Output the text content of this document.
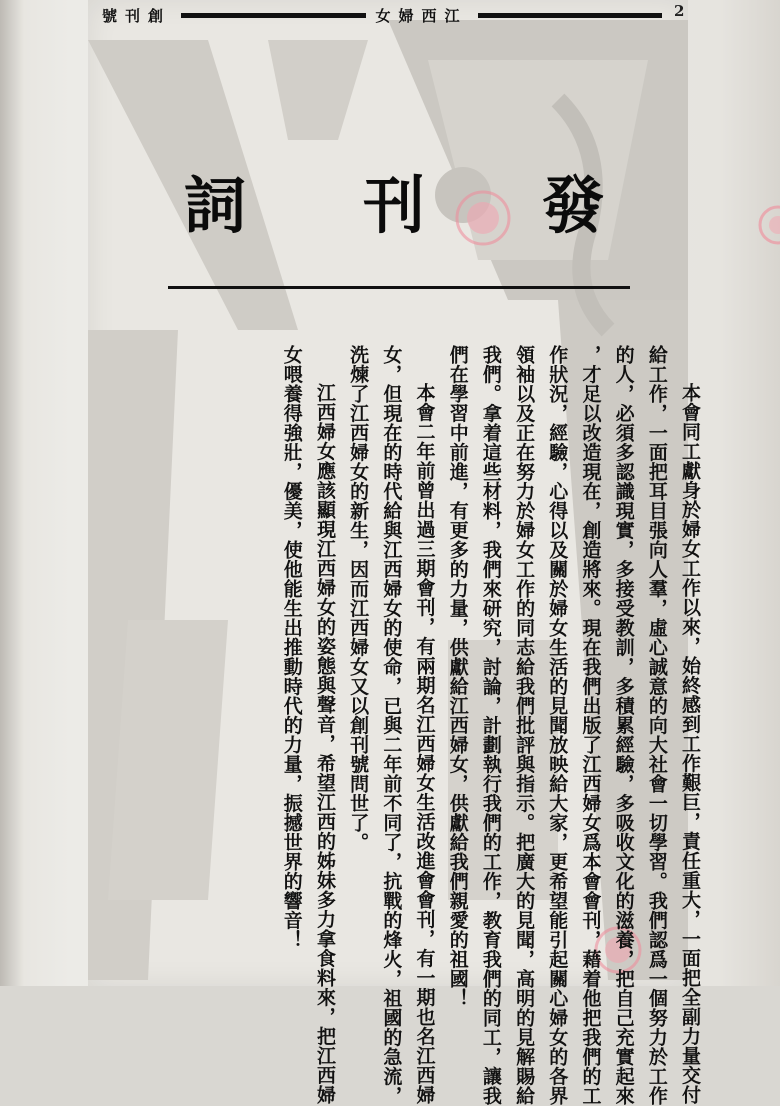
號刊創	女婦西江
詞 刊 發
本會同工獻身於婦女工作以來，始終感到工作艱巨，責任重大，一面把全副力量交付
給工作，一面把耳目張向人羣，虛心誠意的向大社會一切學習。我們認爲一個努力於工作
的人，必須多認識現實，多接受教訓，多積累經驗，多吸收文化的滋養，把自己充實起來
，才足以改造現在，創造將來。現在我們出版了江西婦女爲本會會刊，藉着他把我們的工
作狀況，經驗，心得以及關於婦女生活的見聞放映給大家，更希望能引起關心婦女的各界
領袖以及正在努力於婦女工作的同志給我們批評與指示。把廣大的見聞，高明的見解賜給
我們。拿着這些材料，我們來研究，討論，計劃執行我們的工作，教育我們的同工，讓我
們在學習中前進，有更多的力量，供獻給江西婦女，供獻給我們親愛的祖國！
本會二年前曾出過三期會刊，有兩期名江西婦女生活改進會會刊，有一期也名江西婦
女，但現在的時代給與江西婦女的使命，已與二年前不同了，抗戰的烽火，祖國的急流，
洗煉了江西婦女的新生，因而江西婦女又以創刊號問世了。
江西婦女應該顯現江西婦女的姿態與聲音，希望江西的姊妹多力拿食料來，把江西婦
女喂養得強壯，優美，使他能生出推動時代的力量，振撼世界的響音！
2
